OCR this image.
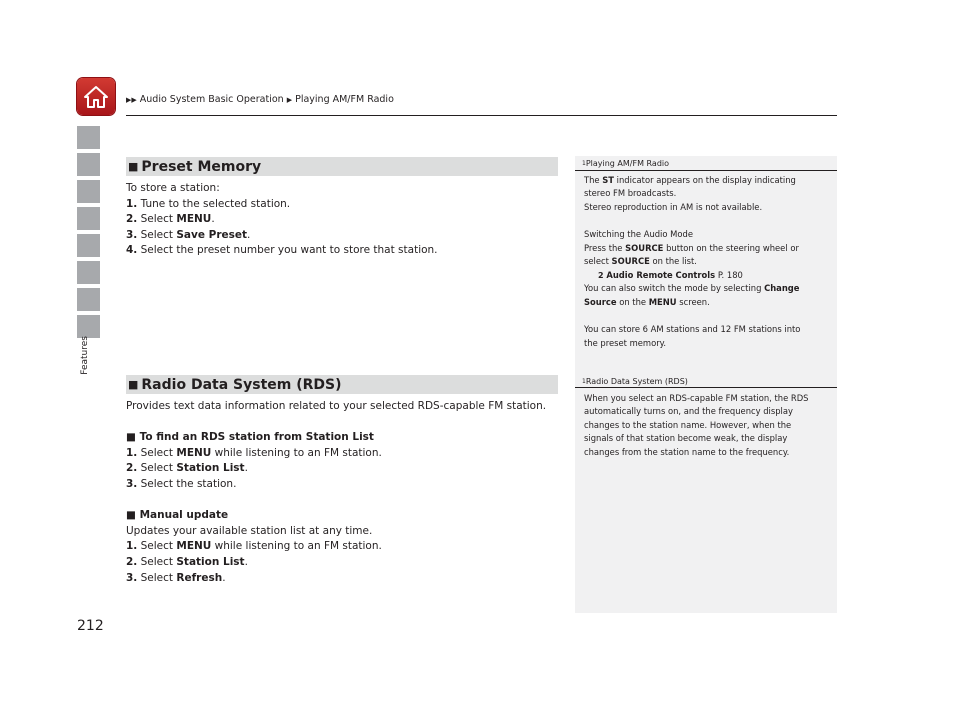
▶▶ Audio System Basic Operation ▶ Playing AM/FM Radio
Features
212
■ Preset Memory
To store a station:
1. Tune to the selected station.
2. Select MENU.
3. Select Save Preset.
4. Select the preset number you want to store that station.
■ Radio Data System (RDS)
Provides text data information related to your selected RDS-capable FM station.

■ To find an RDS station from Station List
1. Select MENU while listening to an FM station.
2. Select Station List.
3. Select the station.

■ Manual update
Updates your available station list at any time.
1. Select MENU while listening to an FM station.
2. Select Station List.
3. Select Refresh.
$^1$Playing AM/FM Radio
The ST indicator appears on the display indicating
stereo FM broadcasts.
Stereo reproduction in AM is not available.

Switching the Audio Mode
Press the SOURCE button on the steering wheel or
select SOURCE on the list.
2 Audio Remote Controls P. 180
You can also switch the mode by selecting Change
Source on the MENU screen.

You can store 6 AM stations and 12 FM stations into
the preset memory.
$^1$Radio Data System (RDS)
When you select an RDS-capable FM station, the RDS
automatically turns on, and the frequency display
changes to the station name. However, when the
signals of that station become weak, the display
changes from the station name to the frequency.
